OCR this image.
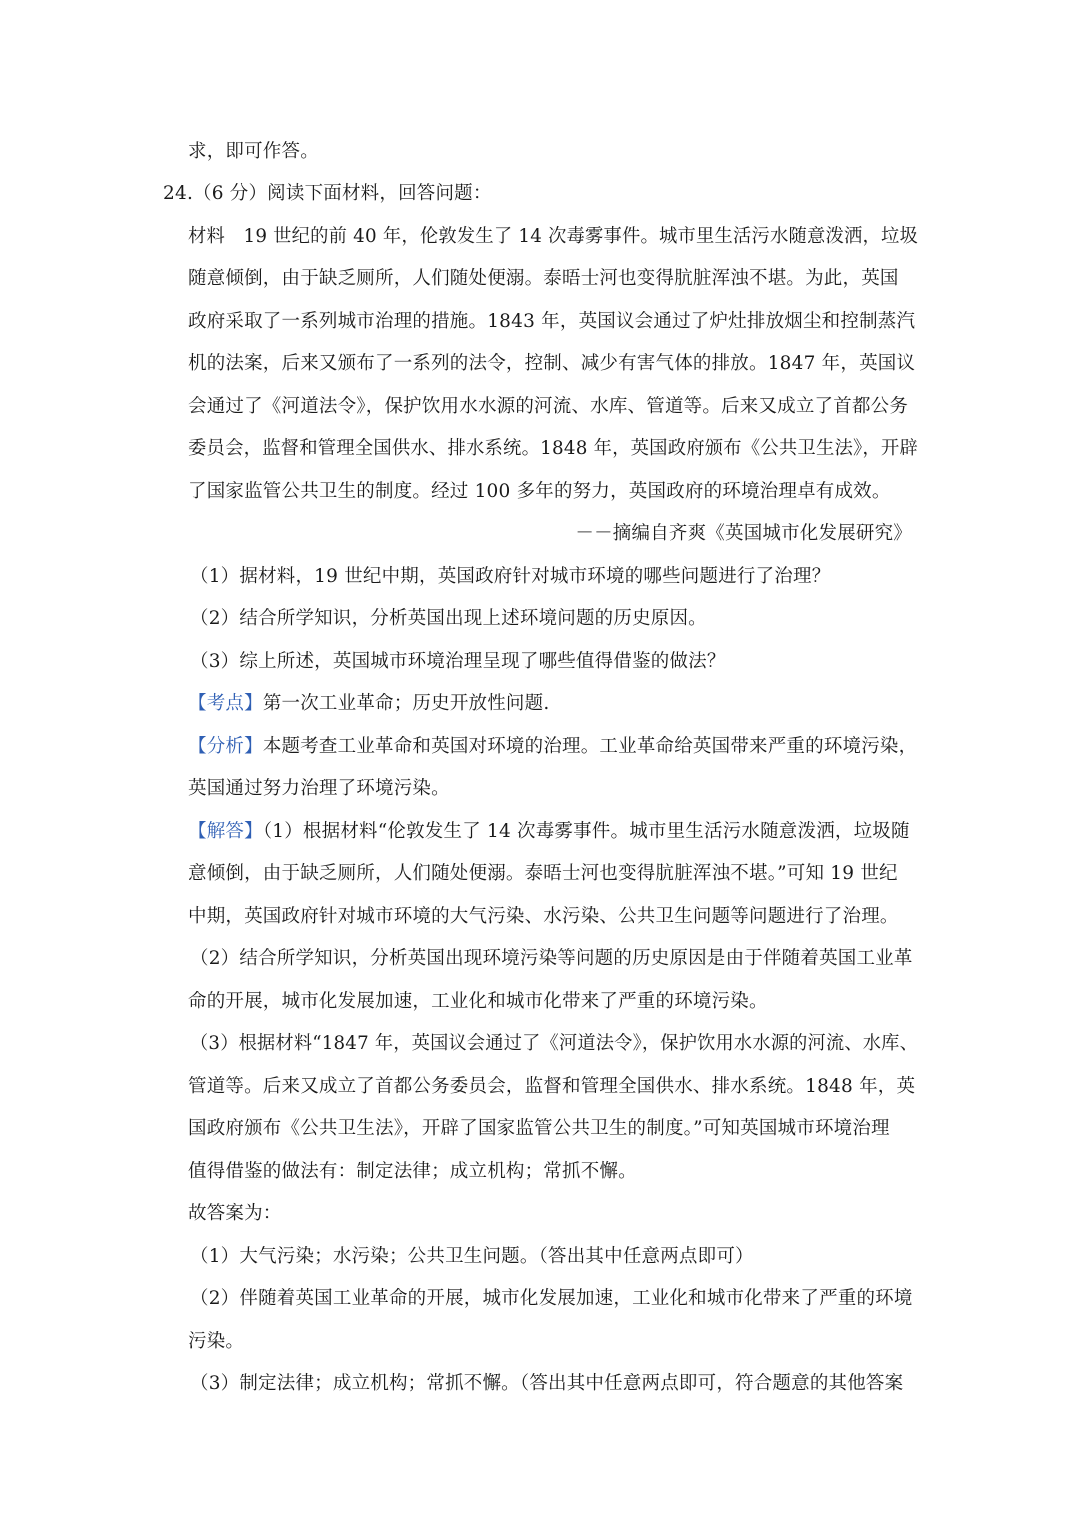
求，即可作答。
24.（6 分）阅读下面材料，回答问题：
材料　19 世纪的前 40 年，伦敦发生了 14 次毒雾事件。城市里生活污水随意泼洒，垃圾
随意倾倒，由于缺乏厕所，人们随处便溺。泰晤士河也变得肮脏浑浊不堪。为此，英国
政府采取了一系列城市治理的措施。1843 年，英国议会通过了炉灶排放烟尘和控制蒸汽
机的法案，后来又颁布了一系列的法令，控制、减少有害气体的排放。1847 年，英国议
会通过了《河道法令》，保护饮用水水源的河流、水库、管道等。后来又成立了首都公务
委员会，监督和管理全国供水、排水系统。1848 年，英国政府颁布《公共卫生法》，开辟
了国家监管公共卫生的制度。经过 100 多年的努力，英国政府的环境治理卓有成效。
－－摘编自齐爽《英国城市化发展研究》
（1）据材料，19 世纪中期，英国政府针对城市环境的哪些问题进行了治理？
（2）结合所学知识，分析英国出现上述环境问题的历史原因。
（3）综上所述，英国城市环境治理呈现了哪些值得借鉴的做法？
【考点】第一次工业革命；历史开放性问题.
【分析】本题考查工业革命和英国对环境的治理。工业革命给英国带来严重的环境污染，
英国通过努力治理了环境污染。
【解答】（1）根据材料“伦敦发生了 14 次毒雾事件。城市里生活污水随意泼洒，垃圾随
意倾倒，由于缺乏厕所，人们随处便溺。泰晤士河也变得肮脏浑浊不堪。”可知 19 世纪
中期，英国政府针对城市环境的大气污染、水污染、公共卫生问题等问题进行了治理。
（2）结合所学知识，分析英国出现环境污染等问题的历史原因是由于伴随着英国工业革
命的开展，城市化发展加速，工业化和城市化带来了严重的环境污染。
（3）根据材料“1847 年，英国议会通过了《河道法令》，保护饮用水水源的河流、水库、
管道等。后来又成立了首都公务委员会，监督和管理全国供水、排水系统。1848 年，英
国政府颁布《公共卫生法》，开辟了国家监管公共卫生的制度。”可知英国城市环境治理
值得借鉴的做法有：制定法律；成立机构；常抓不懈。
故答案为：
（1）大气污染；水污染；公共卫生问题。（答出其中任意两点即可）
（2）伴随着英国工业革命的开展，城市化发展加速，工业化和城市化带来了严重的环境
污染。
（3）制定法律；成立机构；常抓不懈。（答出其中任意两点即可，符合题意的其他答案
